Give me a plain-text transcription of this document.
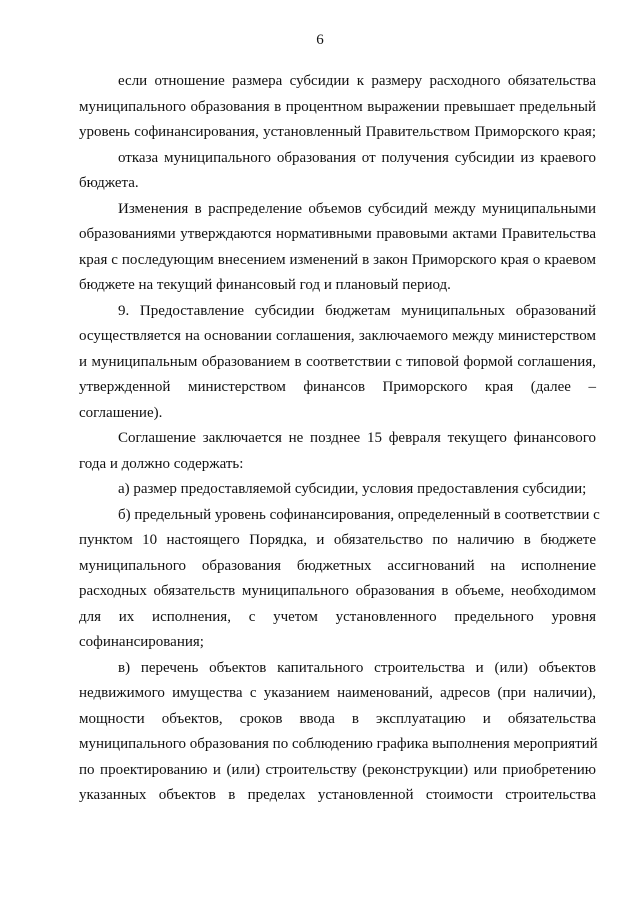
6
если отношение размера субсидии к размеру расходного обязательства
муниципального образования в процентном выражении превышает предельный
уровень софинансирования, установленный Правительством Приморского края;
отказа муниципального образования от получения субсидии из краевого
бюджета.
Изменения в распределение объемов субсидий между муниципальными
образованиями утверждаются нормативными правовыми актами Правительства
края с последующим внесением изменений в закон Приморского края о краевом
бюджете на текущий финансовый год и плановый период.
9. Предоставление субсидии бюджетам муниципальных образований
осуществляется на основании соглашения, заключаемого между министерством
и муниципальным образованием в соответствии с типовой формой соглашения,
утвержденной министерством финансов Приморского края (далее –
соглашение).
Соглашение заключается не позднее 15 февраля текущего финансового
года и должно содержать:
а) размер предоставляемой субсидии, условия предоставления субсидии;
б) предельный уровень софинансирования, определенный в соответствии с
пунктом 10 настоящего Порядка, и обязательство по наличию в бюджете
муниципального образования бюджетных ассигнований на исполнение
расходных обязательств муниципального образования в объеме, необходимом
для их исполнения, с учетом установленного предельного уровня
софинансирования;
в) перечень объектов капитального строительства и (или) объектов
недвижимого имущества с указанием наименований, адресов (при наличии),
мощности объектов, сроков ввода в эксплуатацию и обязательства
муниципального образования по соблюдению графика выполнения мероприятий
по проектированию и (или) строительству (реконструкции) или приобретению
указанных объектов в пределах установленной стоимости строительства
